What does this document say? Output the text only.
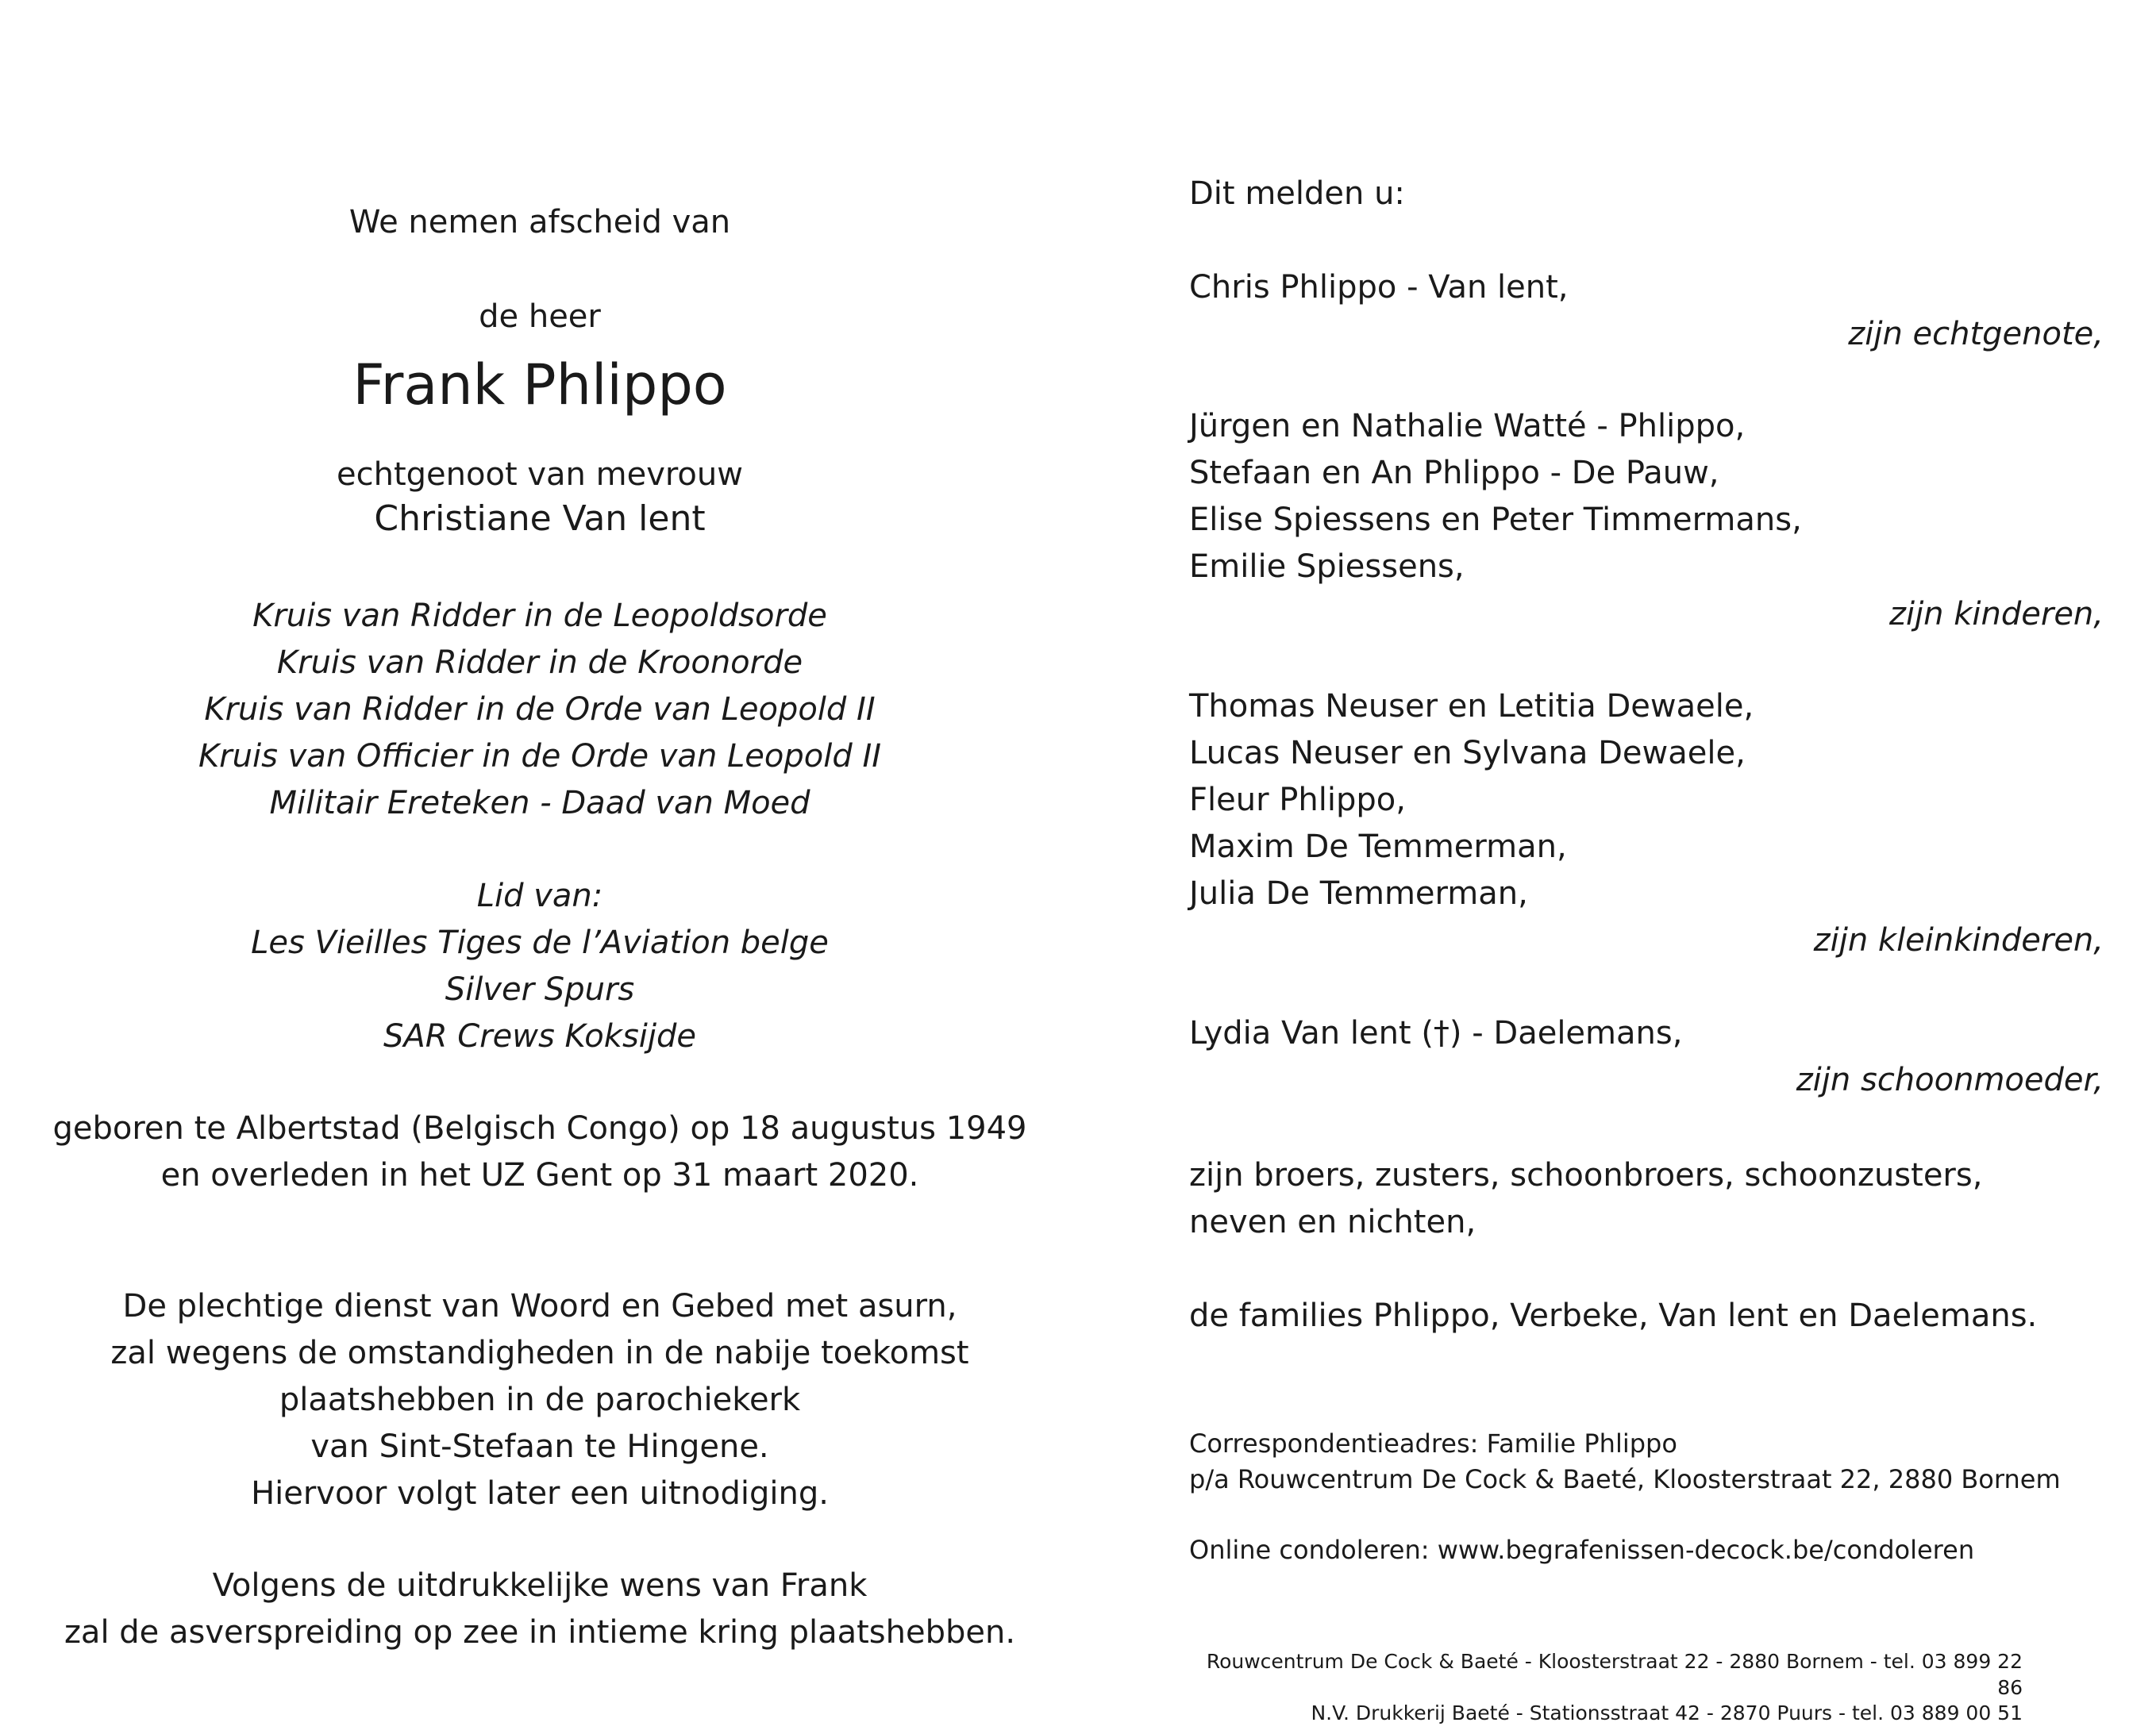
We nemen afscheid van
de heer
Frank Phlippo
echtgenoot van mevrouw
Christiane Van lent
Kruis van Ridder in de Leopoldsorde
Kruis van Ridder in de Kroonorde
Kruis van Ridder in de Orde van Leopold II
Kruis van Officier in de Orde van Leopold II
Militair Ereteken - Daad van Moed
Lid van:
Les Vieilles Tiges de l’Aviation belge
Silver Spurs
SAR Crews Koksijde
geboren te Albertstad (Belgisch Congo) op 18 augustus 1949
en overleden in het UZ Gent op 31 maart 2020.
De plechtige dienst van Woord en Gebed met asurn,
zal wegens de omstandigheden in de nabije toekomst
plaatshebben in de parochiekerk
van Sint-Stefaan te Hingene.
Hiervoor volgt later een uitnodiging.
Volgens de uitdrukkelijke wens van Frank
zal de asverspreiding op zee in intieme kring plaatshebben.
Dit melden u:
Chris Phlippo - Van lent,
zijn echtgenote,
Jürgen en Nathalie Watté - Phlippo,
Stefaan en An Phlippo - De Pauw,
Elise Spiessens en Peter Timmermans,
Emilie Spiessens,
zijn kinderen,
Thomas Neuser en Letitia Dewaele,
Lucas Neuser en Sylvana Dewaele,
Fleur Phlippo,
Maxim De Temmerman,
Julia De Temmerman,
zijn kleinkinderen,
Lydia Van lent (†) - Daelemans,
zijn schoonmoeder,
zijn broers, zusters, schoonbroers, schoonzusters,
neven en nichten,
de families Phlippo, Verbeke, Van lent en Daelemans.
Correspondentieadres: Familie Phlippo
p/a Rouwcentrum De Cock & Baeté, Kloosterstraat 22, 2880 Bornem
Online condoleren: www.begrafenissen-decock.be/condoleren
Rouwcentrum De Cock & Baeté - Kloosterstraat 22 - 2880 Bornem - tel. 03 899 22 86
N.V. Drukkerij Baeté - Stationsstraat 42 - 2870 Puurs - tel. 03 889 00 51
